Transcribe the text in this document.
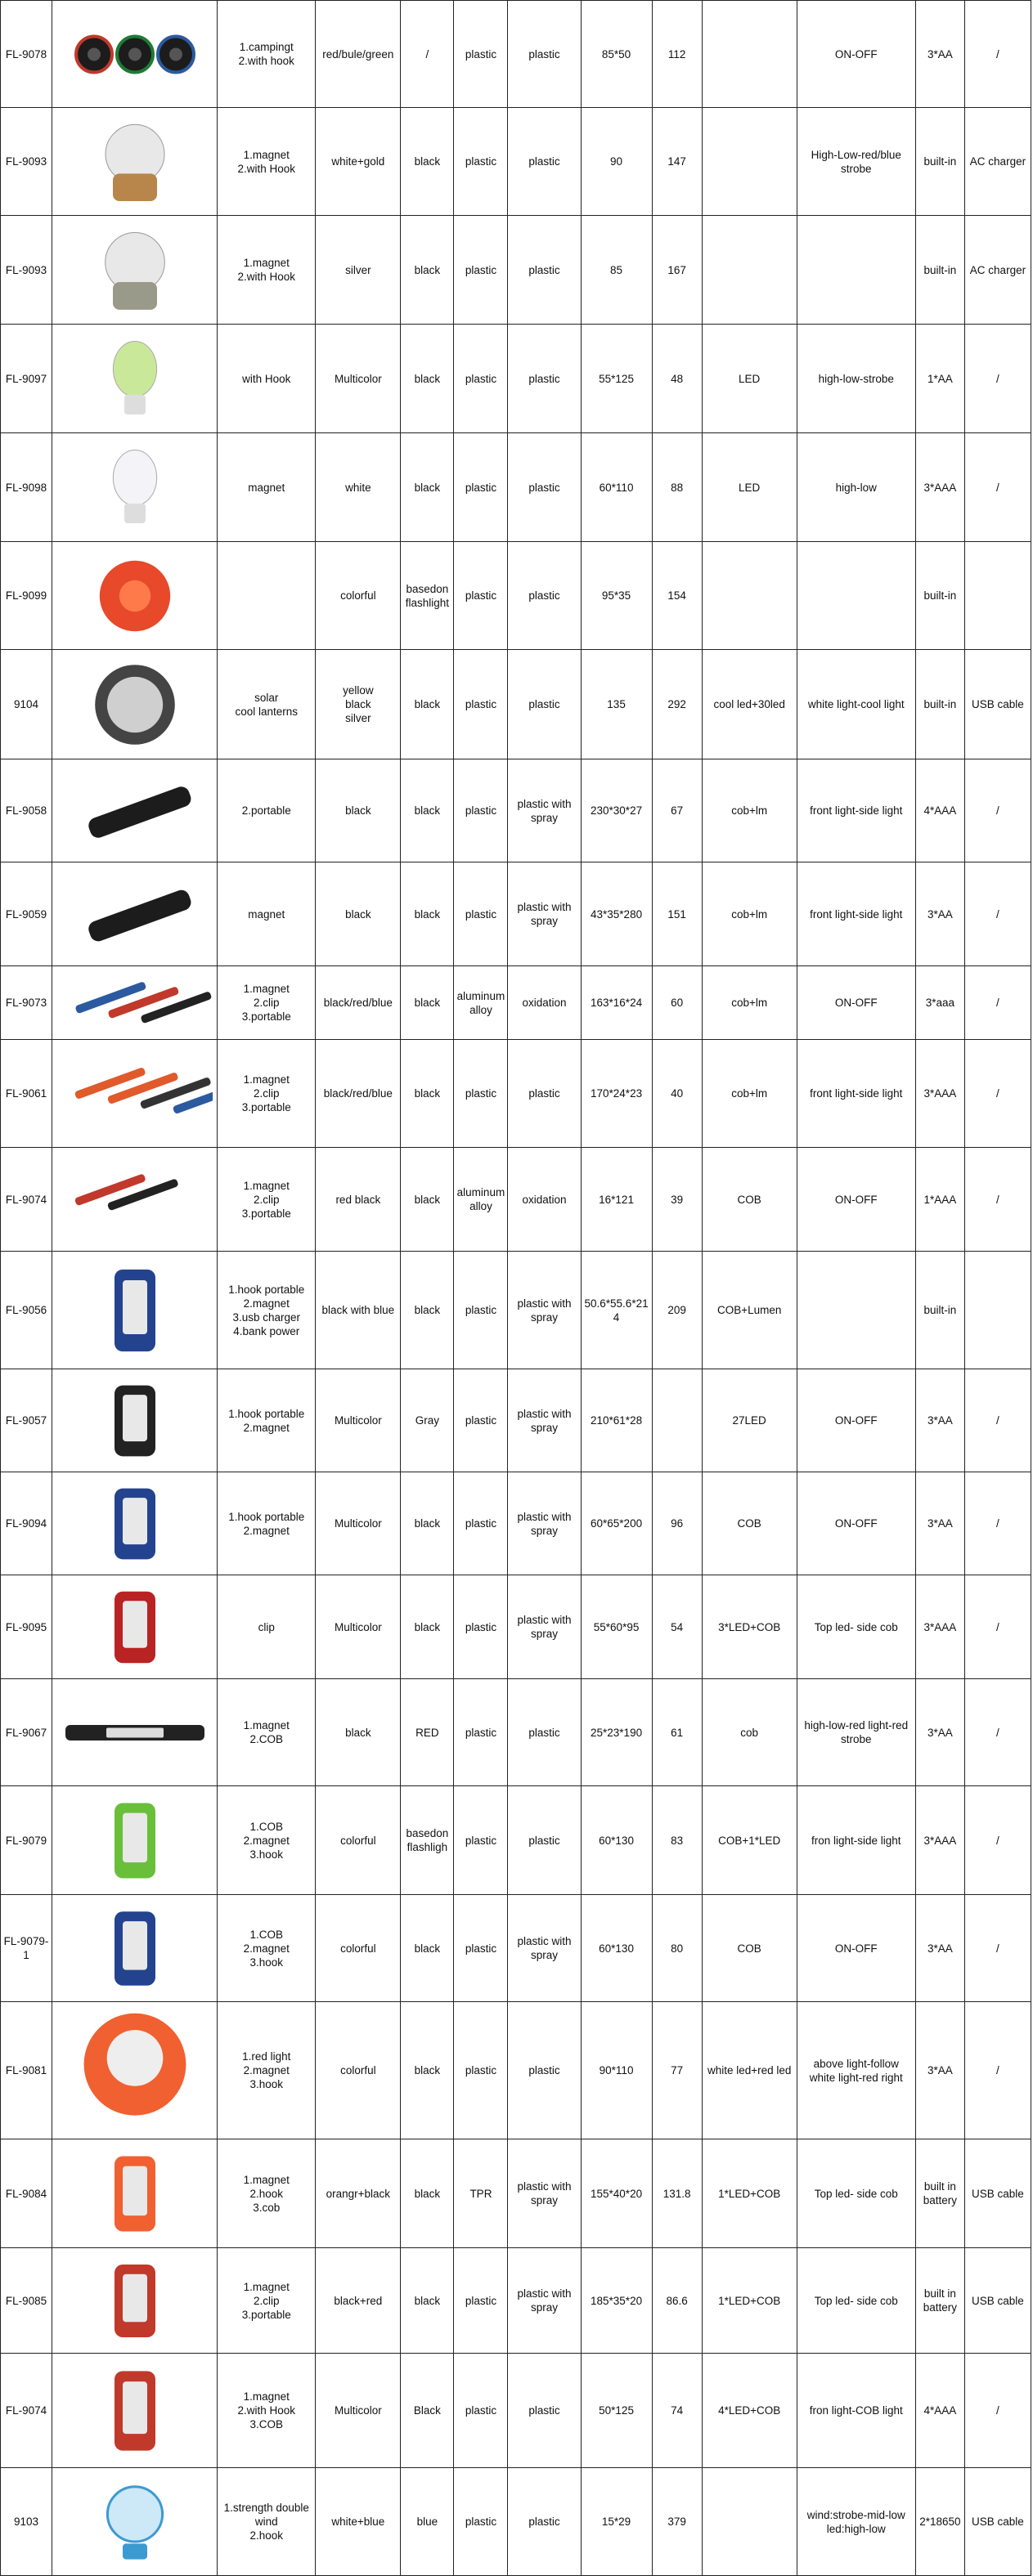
FL-9078		1.campingt
2.with hook	red/bule/green	/	plastic	plastic	85*50	112		ON-OFF	3*AA	/
FL-9093		1.magnet
2.with Hook	white+gold	black	plastic	plastic	90	147		High-Low-red/blue strobe	built-in	AC charger
FL-9093		1.magnet
2.with Hook	silver	black	plastic	plastic	85	167			built-in	AC charger
FL-9097		with Hook	Multicolor	black	plastic	plastic	55*125	48	LED	high-low-strobe	1*AA	/
FL-9098		magnet	white	black	plastic	plastic	60*110	88	LED	high-low	3*AAA	/
FL-9099			colorful	basedon flashlight	plastic	plastic	95*35	154			built-in	
9104		solar
cool lanterns	yellow
black
silver	black	plastic	plastic	135	292	cool led+30led	white light-cool light	built-in	USB cable
FL-9058		2.portable	black	black	plastic	plastic with spray	230*30*27	67	cob+lm	front light-side light	4*AAA	/
FL-9059		magnet	black	black	plastic	plastic with spray	43*35*280	151	cob+lm	front light-side light	3*AA	/
FL-9073		1.magnet
2.clip
3.portable	black/red/blue	black	aluminum alloy	oxidation	163*16*24	60	cob+lm	ON-OFF	3*aaa	/
FL-9061		1.magnet
2.clip
3.portable	black/red/blue	black	plastic	plastic	170*24*23	40	cob+lm	front light-side light	3*AAA	/
FL-9074		1.magnet
2.clip
3.portable	red black	black	aluminum alloy	oxidation	16*121	39	COB	ON-OFF	1*AAA	/
FL-9056		1.hook portable
2.magnet
3.usb charger
4.bank power	black with blue	black	plastic	plastic with spray	50.6*55.6*214	209	COB+Lumen		built-in	
FL-9057		1.hook portable
2.magnet	Multicolor	Gray	plastic	plastic with spray	210*61*28		27LED	ON-OFF	3*AA	/
FL-9094		1.hook portable
2.magnet	Multicolor	black	plastic	plastic with spray	60*65*200	96	COB	ON-OFF	3*AA	/
FL-9095		clip	Multicolor	black	plastic	plastic with spray	55*60*95	54	3*LED+COB	Top led- side cob	3*AAA	/
FL-9067		1.magnet
2.COB	black	RED	plastic	plastic	25*23*190	61	cob	high-low-red light-red strobe	3*AA	/
FL-9079		1.COB
2.magnet
3.hook	colorful	basedon flashligh	plastic	plastic	60*130	83	COB+1*LED	fron light-side light	3*AAA	/
FL-9079-1		1.COB
2.magnet
3.hook	colorful	black	plastic	plastic with spray	60*130	80	COB	ON-OFF	3*AA	/
FL-9081		1.red light
2.magnet
3.hook	colorful	black	plastic	plastic	90*110	77	white led+red led	above light-follow white light-red right	3*AA	/
FL-9084		1.magnet
2.hook
3.cob	orangr+black	black	TPR	plastic with spray	155*40*20	131.8	1*LED+COB	Top led- side cob	built in battery	USB cable
FL-9085		1.magnet
2.clip
3.portable	black+red	black	plastic	plastic with spray	185*35*20	86.6	1*LED+COB	Top led- side cob	built in battery	USB cable
FL-9074		1.magnet
2.with Hook
3.COB	Multicolor	Black	plastic	plastic	50*125	74	4*LED+COB	fron light-COB light	4*AAA	/
9103		1.strength double wind
2.hook	white+blue	blue	plastic	plastic	15*29	379		wind:strobe-mid-low led:high-low	2*18650	USB cable
